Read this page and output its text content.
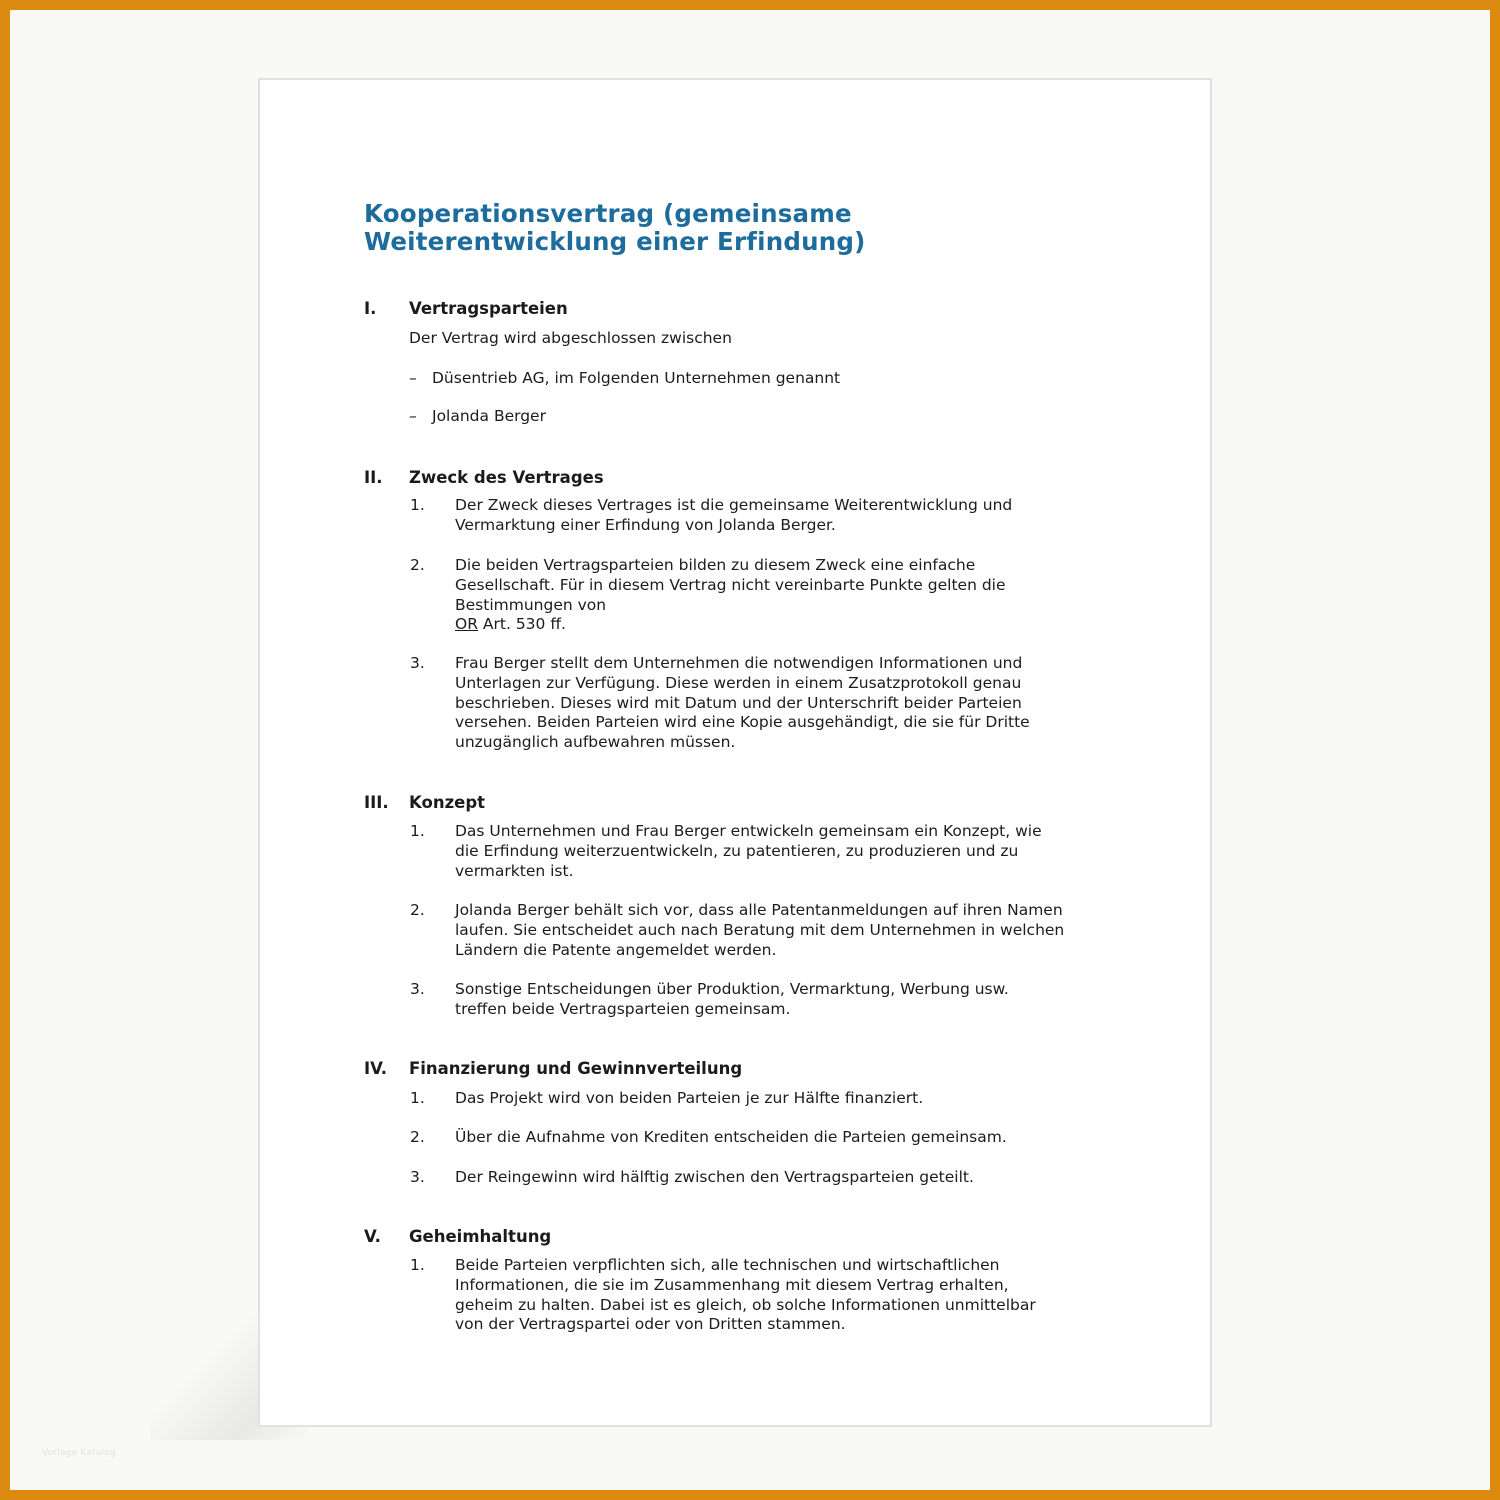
Vorlage Katalog
Kooperationsvertrag (gemeinsame
Weiterentwicklung einer Erfindung)
I. Vertragsparteien
Der Vertrag wird abgeschlossen zwischen
– Düsentrieb AG, im Folgenden Unternehmen genannt
– Jolanda Berger
II. Zweck des Vertrages
1. Der Zweck dieses Vertrages ist die gemeinsame Weiterentwicklung und
Vermarktung einer Erfindung von Jolanda Berger.
2. Die beiden Vertragsparteien bilden zu diesem Zweck eine einfache
Gesellschaft. Für in diesem Vertrag nicht vereinbarte Punkte gelten die
Bestimmungen von
OR Art. 530 ff.
3. Frau Berger stellt dem Unternehmen die notwendigen Informationen und
Unterlagen zur Verfügung. Diese werden in einem Zusatzprotokoll genau
beschrieben. Dieses wird mit Datum und der Unterschrift beider Parteien
versehen. Beiden Parteien wird eine Kopie ausgehändigt, die sie für Dritte
unzugänglich aufbewahren müssen.
III. Konzept
1. Das Unternehmen und Frau Berger entwickeln gemeinsam ein Konzept, wie
die Erfindung weiterzuentwickeln, zu patentieren, zu produzieren und zu
vermarkten ist.
2. Jolanda Berger behält sich vor, dass alle Patentanmeldungen auf ihren Namen
laufen. Sie entscheidet auch nach Beratung mit dem Unternehmen in welchen
Ländern die Patente angemeldet werden.
3. Sonstige Entscheidungen über Produktion, Vermarktung, Werbung usw.
treffen beide Vertragsparteien gemeinsam.
IV. Finanzierung und Gewinnverteilung
1. Das Projekt wird von beiden Parteien je zur Hälfte finanziert.
2. Über die Aufnahme von Krediten entscheiden die Parteien gemeinsam.
3. Der Reingewinn wird hälftig zwischen den Vertragsparteien geteilt.
V. Geheimhaltung
1. Beide Parteien verpflichten sich, alle technischen und wirtschaftlichen
Informationen, die sie im Zusammenhang mit diesem Vertrag erhalten,
geheim zu halten. Dabei ist es gleich, ob solche Informationen unmittelbar
von der Vertragspartei oder von Dritten stammen.
